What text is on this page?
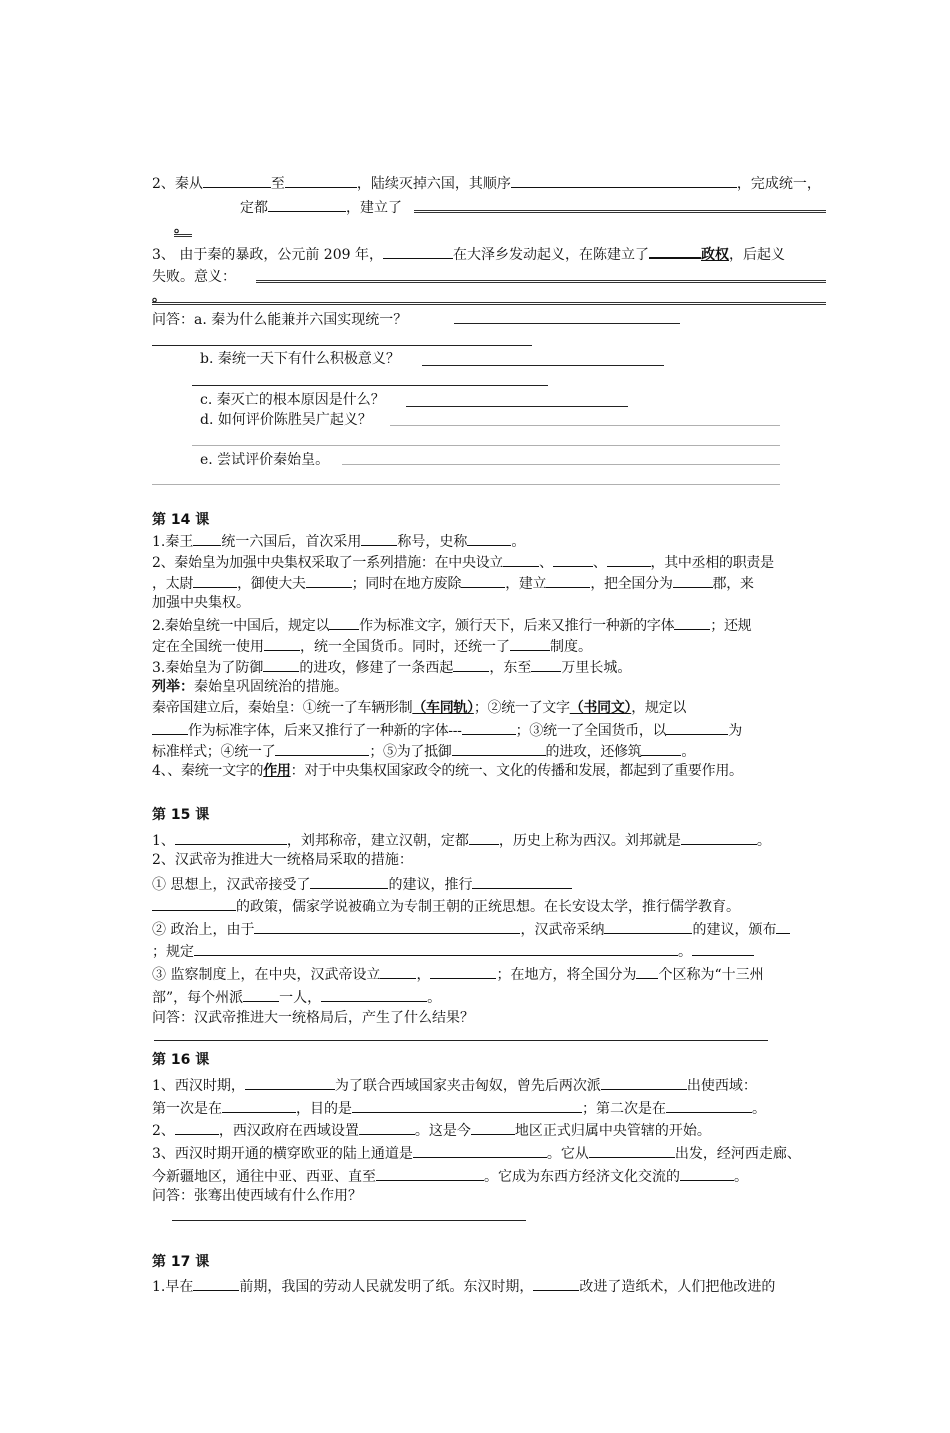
2、秦从	至	，陆续灭掉六国，其顺序	，完成统一，
定都	，建立了
。
3、 由于秦的暴政，公元前 209 年，	在大泽乡发动起义，在陈建立了	政权，后起义
失败。意义：
。
问答：a. 秦为什么能兼并六国实现统一？
b. 秦统一天下有什么积极意义？
c. 秦灭亡的根本原因是什么？
d. 如何评价陈胜吴广起义？
e. 尝试评价秦始皇。
第 14 课
1.秦王 统一六国后，首次采用	称号，史称	。
2、秦始皇为加强中央集权采取了一系列措施：在中央设立	、	、	，其中丞相的职责是
，太尉	，御使大夫	；同时在地方废除	，建立	，把全国分为	郡，来
加强中央集权。
2.秦始皇统一中国后，规定以 作为标准文字，颁行天下，后来又推行一种新的字体	；还规
定在全国统一使用	，统一全国货币。同时，还统一了	制度。
3.秦始皇为了防御	的进攻，修建了一条西起	，东至 万里长城。
列举：秦始皇巩固统治的措施。
秦帝国建立后，秦始皇：①统一了车辆形制（车同轨）；②统一了文字（书同文），规定以
作为标准字体，后来又推行了一种新的字体---	；③统一了全国货币，以	为
标准样式；④统一了	；⑤为了抵御	的进攻，还修筑	。
4、、秦统一文字的作用：对于中央集权国家政令的统一、文化的传播和发展，都起到了重要作用。
第 15 课
1、	，刘邦称帝，建立汉朝，定都 ，历史上称为西汉。刘邦就是	。
2、汉武帝为推进大一统格局采取的措施：
① 思想上，汉武帝接受了	的建议，推行
的政策，儒家学说被确立为专制王朝的正统思想。在长安设太学，推行儒学教育。
② 政治上，由于	，汉武帝采纳	的建议，颁布
；规定	。
③ 监察制度上，在中央，汉武帝设立	，	；在地方，将全国分为 个区称为“十三州
部”，每个州派	一人，	。
问答：汉武帝推进大一统格局后，产生了什么结果？
第 16 课
1、西汉时期，	为了联合西域国家夹击匈奴，曾先后两次派	出使西域：
第一次是在	，目的是	；第二次是在	。
2、	，西汉政府在西域设置	。这是今	地区正式归属中央管辖的开始。
3、西汉时期开通的横穿欧亚的陆上通道是	。它从	出发，经河西走廊、
今新疆地区，通往中亚、西亚、直至	。它成为东西方经济文化交流的	。
问答：张骞出使西域有什么作用？
第 17 课
1.早在	前期，我国的劳动人民就发明了纸。东汉时期，	改进了造纸术，人们把他改进的
